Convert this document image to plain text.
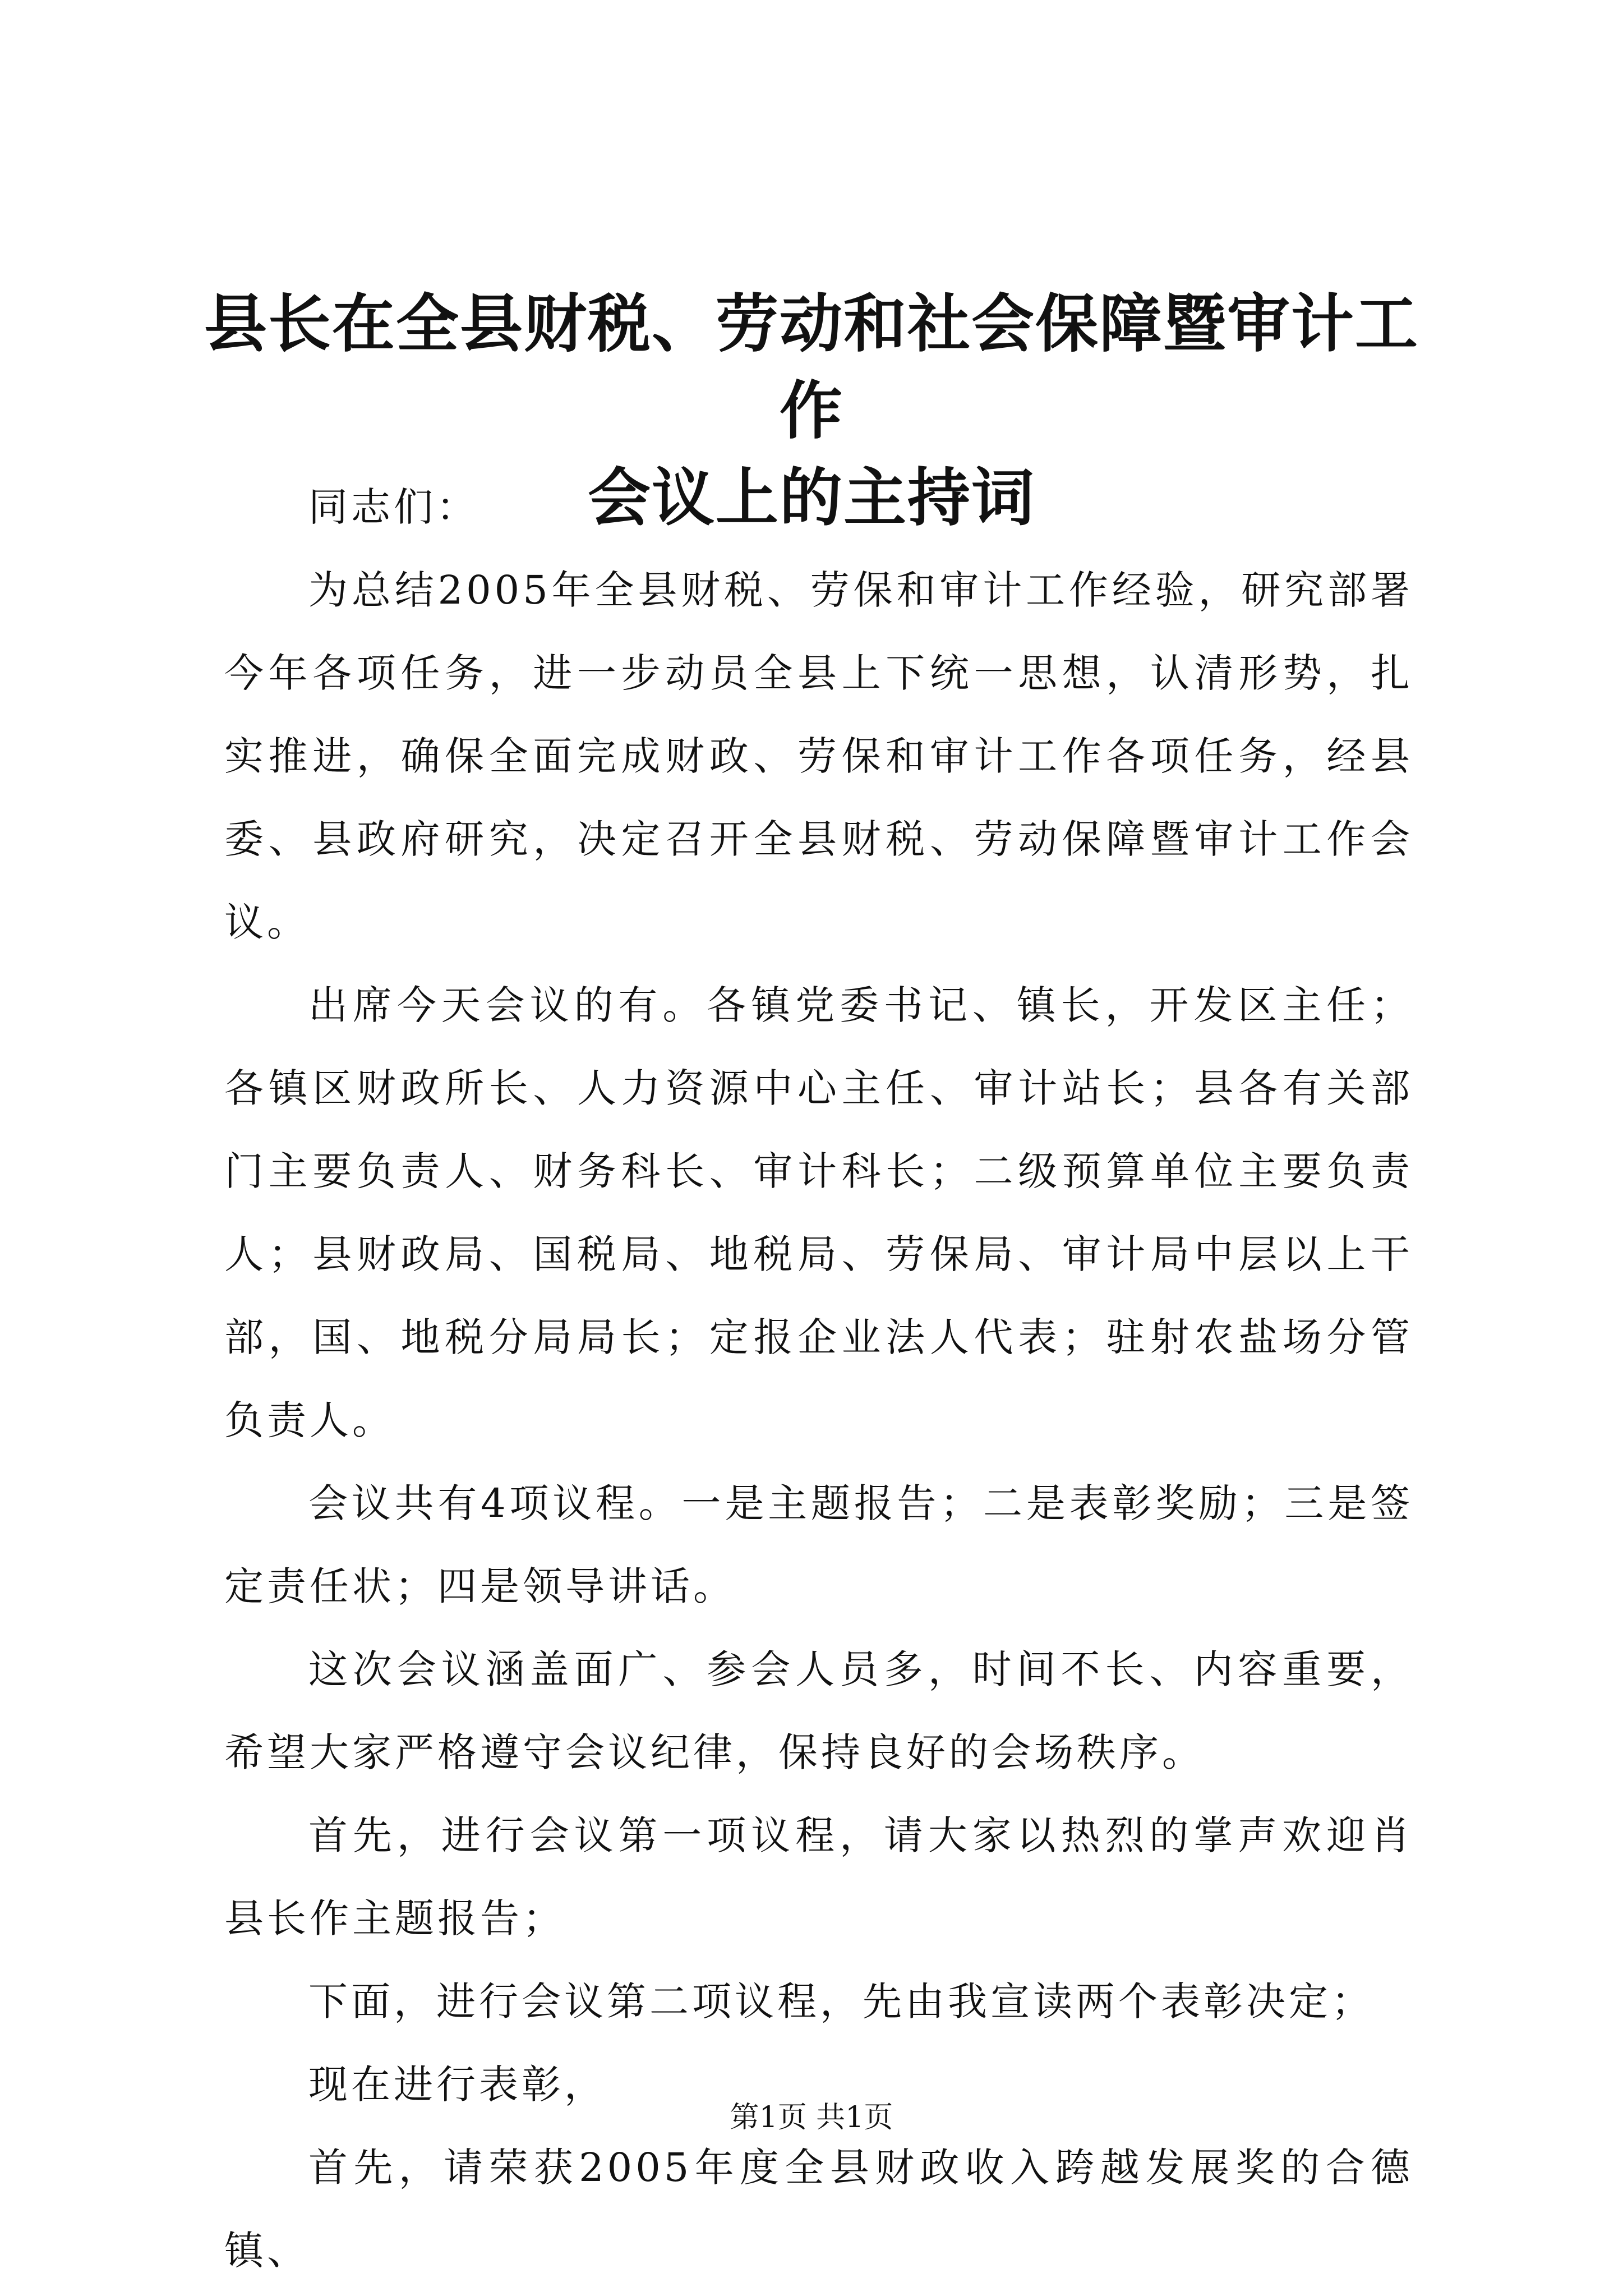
县长在全县财税、劳动和社会保障暨审计工作
会议上的主持词

同志们：

为总结2005年全县财税、劳保和审计工作经验，研究部署今年各项任务，进一步动员全县上下统一思想，认清形势，扎实推进，确保全面完成财政、劳保和审计工作各项任务，经县委、县政府研究，决定召开全县财税、劳动保障暨审计工作会议。

出席今天会议的有。各镇党委书记、镇长，开发区主任；各镇区财政所长、人力资源中心主任、审计站长；县各有关部门主要负责人、财务科长、审计科长；二级预算单位主要负责人；县财政局、国税局、地税局、劳保局、审计局中层以上干部，国、地税分局局长；定报企业法人代表；驻射农盐场分管负责人。

会议共有4项议程。一是主题报告；二是表彰奖励；三是签定责任状；四是领导讲话。

这次会议涵盖面广、参会人员多，时间不长、内容重要，希望大家严格遵守会议纪律，保持良好的会场秩序。

首先，进行会议第一项议程，请大家以热烈的掌声欢迎肖县长作主题报告；

下面，进行会议第二项议程，先由我宣读两个表彰决定；

现在进行表彰，

首先，请荣获2005年度全县财政收入跨越发展奖的合德镇、

第1页 共1页
